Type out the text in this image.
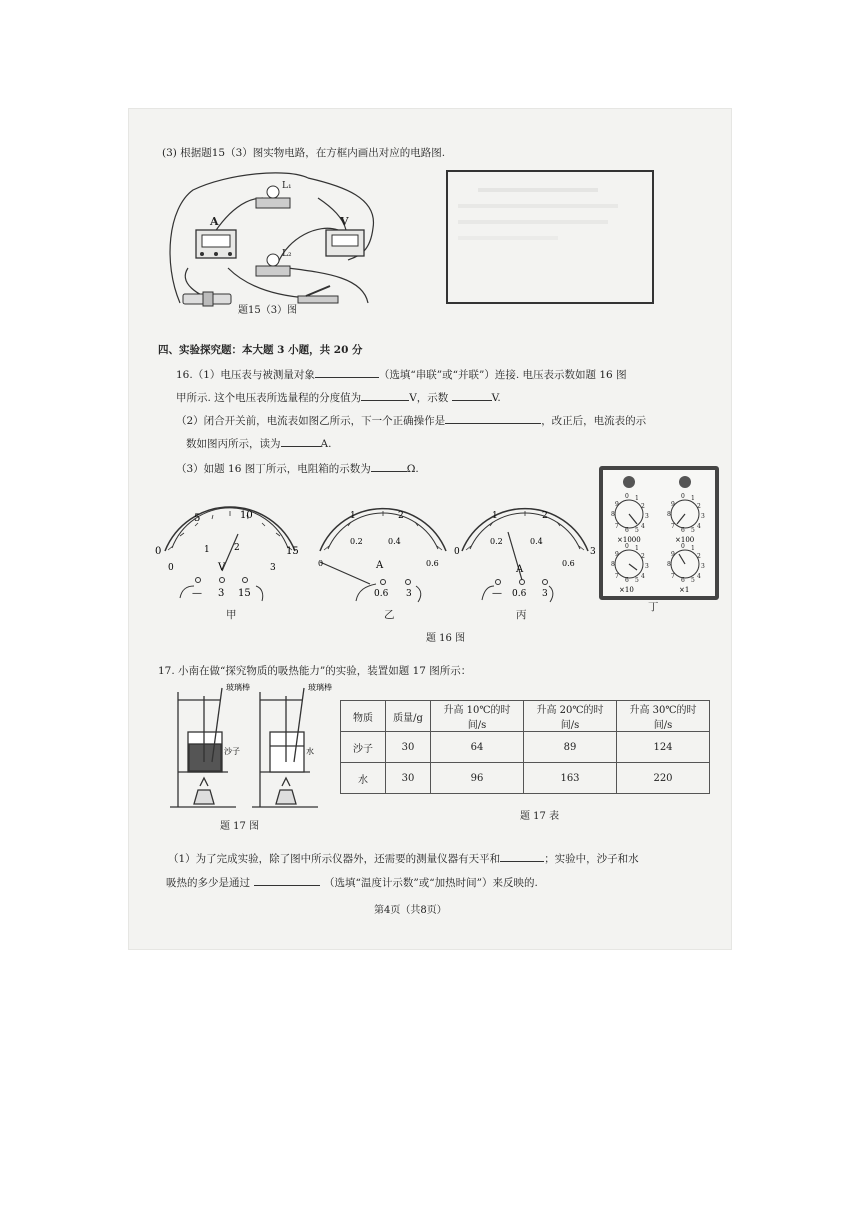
(3) 根据题15（3）图实物电路，在方框内画出对应的电路图.
A
L₁
L₂
V
题15（3）图
四、实验探究题：本大题 3 小题，共 20 分
16.（1）电压表与被测量对象	（选填“串联”或“并联”）连接. 电压表示数如题 16 图
甲所示. 这个电压表所选量程的分度值为	V，示数	V.
（2）闭合开关前，电流表如图乙所示，下一个正确操作是	，改正后，电流表的示
数如图丙所示，读为	A.
（3）如题 16 图丁所示，电阻箱的示数为	Ω.
0
5	10
15
0
1	2
3
V
— 3 15
甲
1	2
0
0.2	0.4
0.6
A
0.6 3
乙
0
1	2
3
0.2	0.4
0.6
A
— 0.6 3
丙
0 1
9	2
8	3
7
6 5
4
0 1
9	2
8	3
7
6 5
4
0 1
9	2
8	3
7
6 5
4
0 1
9	2
8	3
7
6 5
4
×1000	×100
×10	×1
丁
题 16 图
17. 小南在做“探究物质的吸热能力”的实验，装置如题 17 图所示：
玻璃棒	玻璃棒
沙子	水
题 17 图
物质	质量/g	升高 10℃的时间/s	升高 20℃的时间/s	升高 30℃的时间/s
沙子	30	64	89	124
水	30	96	163	220
题 17 表
（1）为了完成实验，除了图中所示仪器外，还需要的测量仪器有天平和	；实验中，沙子和水
吸热的多少是通过	（选填“温度计示数”或“加热时间”）来反映的.
第4页（共8页）
